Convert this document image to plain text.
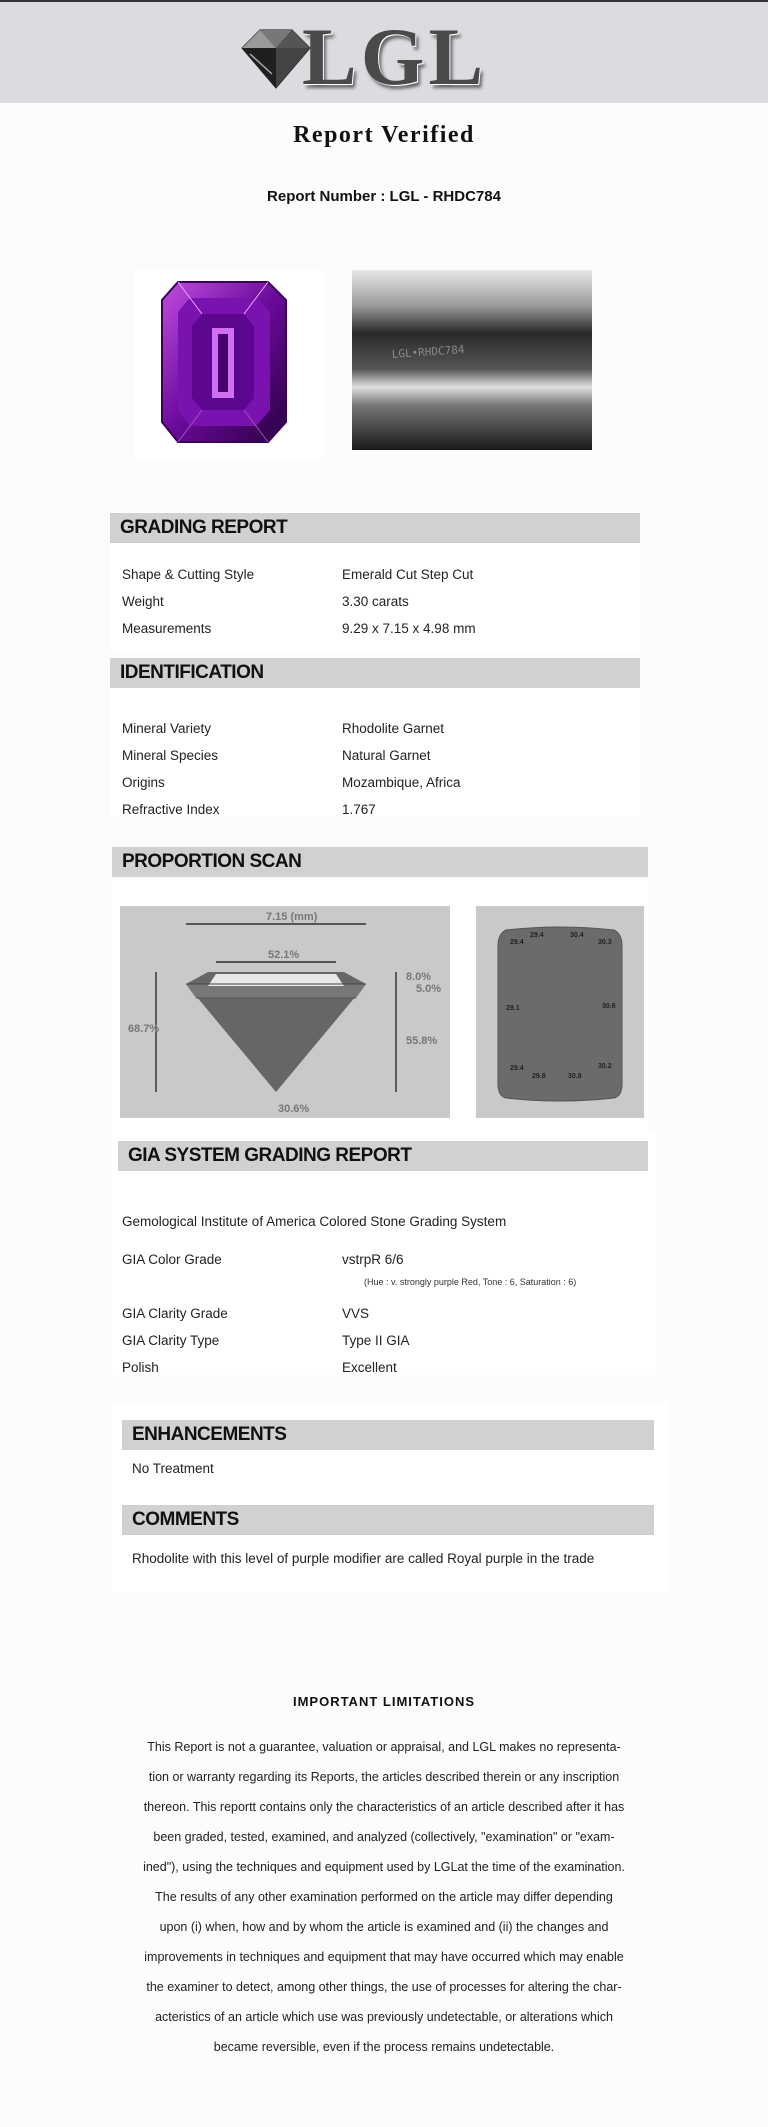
LGL
Report Verified
Report Number : LGL - RHDC784
LGL•RHDC784
GRADING REPORT
Shape & Cutting Style	Emerald Cut Step Cut
Weight	3.30 carats
Measurements	9.29 x 7.15 x 4.98 mm
IDENTIFICATION
Mineral Variety	Rhodolite Garnet
Mineral Species	Natural Garnet
Origins	Mozambique, Africa
Refractive Index	1.767
PROPORTION SCAN
7.15 (mm)
52.1%
68.7%
8.0%
5.0%
55.8%
30.6%
29.4
29.4	30.4
30.3
29.1	30.6
29.4
29.8	30.8
30.2
GIA SYSTEM GRADING REPORT
Gemological Institute of America Colored Stone Grading System
GIA Color Grade	vstrpR 6/6
(Hue : v. strongly purple Red, Tone : 6, Saturation : 6)
GIA Clarity Grade	VVS
GIA Clarity Type	Type II GIA
Polish	Excellent
ENHANCEMENTS
No Treatment
COMMENTS
Rhodolite with this level of purple modifier are called Royal purple in the trade
IMPORTANT LIMITATIONS
This Report is not a guarantee, valuation or appraisal, and LGL makes no representa-
tion or warranty regarding its Reports, the articles described therein or any inscription
thereon. This reportt contains only the characteristics of an article described after it has
been graded, tested, examined, and analyzed (collectively, "examination" or "exam-
ined"), using the techniques and equipment used by LGLat the time of the examination.
The results of any other examination performed on the article may differ depending
upon (i) when, how and by whom the article is examined and (ii) the changes and
improvements in techniques and equipment that may have occurred which may enable
the examiner to detect, among other things, the use of processes for altering the char-
acteristics of an article which use was previously undetectable, or alterations which
became reversible, even if the process remains undetectable.
